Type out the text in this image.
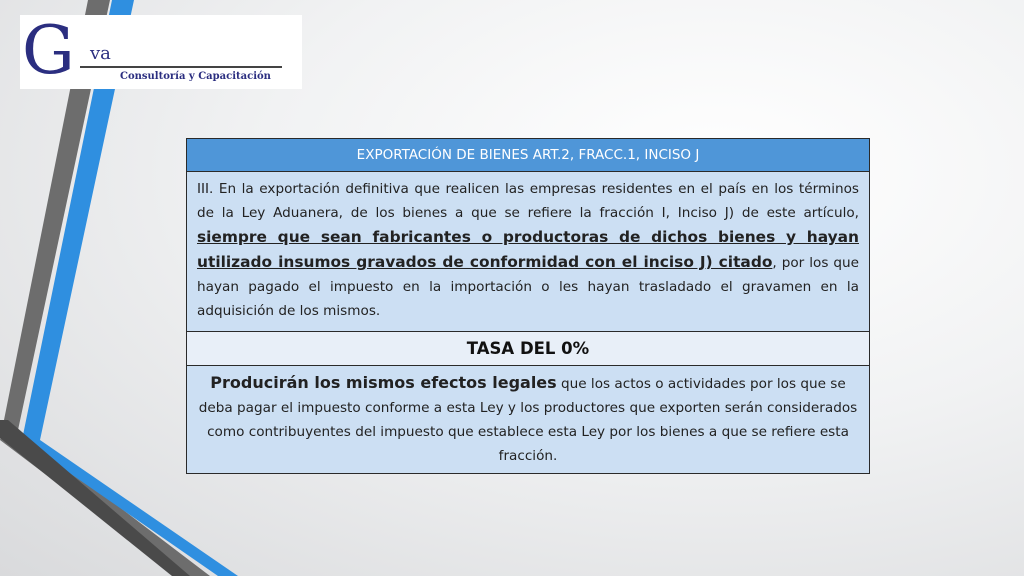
G va
Consultoría y Capacitación
EXPORTACIÓN DE BIENES ART.2, FRACC.1, INCISO J
III. En la exportación definitiva que realicen las empresas residentes en el país en los términos de la Ley Aduanera, de los bienes a que se refiere la fracción I, Inciso J) de este artículo, siempre que sean fabricantes o productoras de dichos bienes y hayan utilizado insumos gravados de conformidad con el inciso J) citado, por los que hayan pagado el impuesto en la importación o les hayan trasladado el gravamen en la adquisición de los mismos.
TASA DEL 0%
Producirán los mismos efectos legales que los actos o actividades por los que se deba pagar el impuesto conforme a esta Ley y los productores que exporten serán considerados como contribuyentes del impuesto que establece esta Ley por los bienes a que se refiere esta fracción.
